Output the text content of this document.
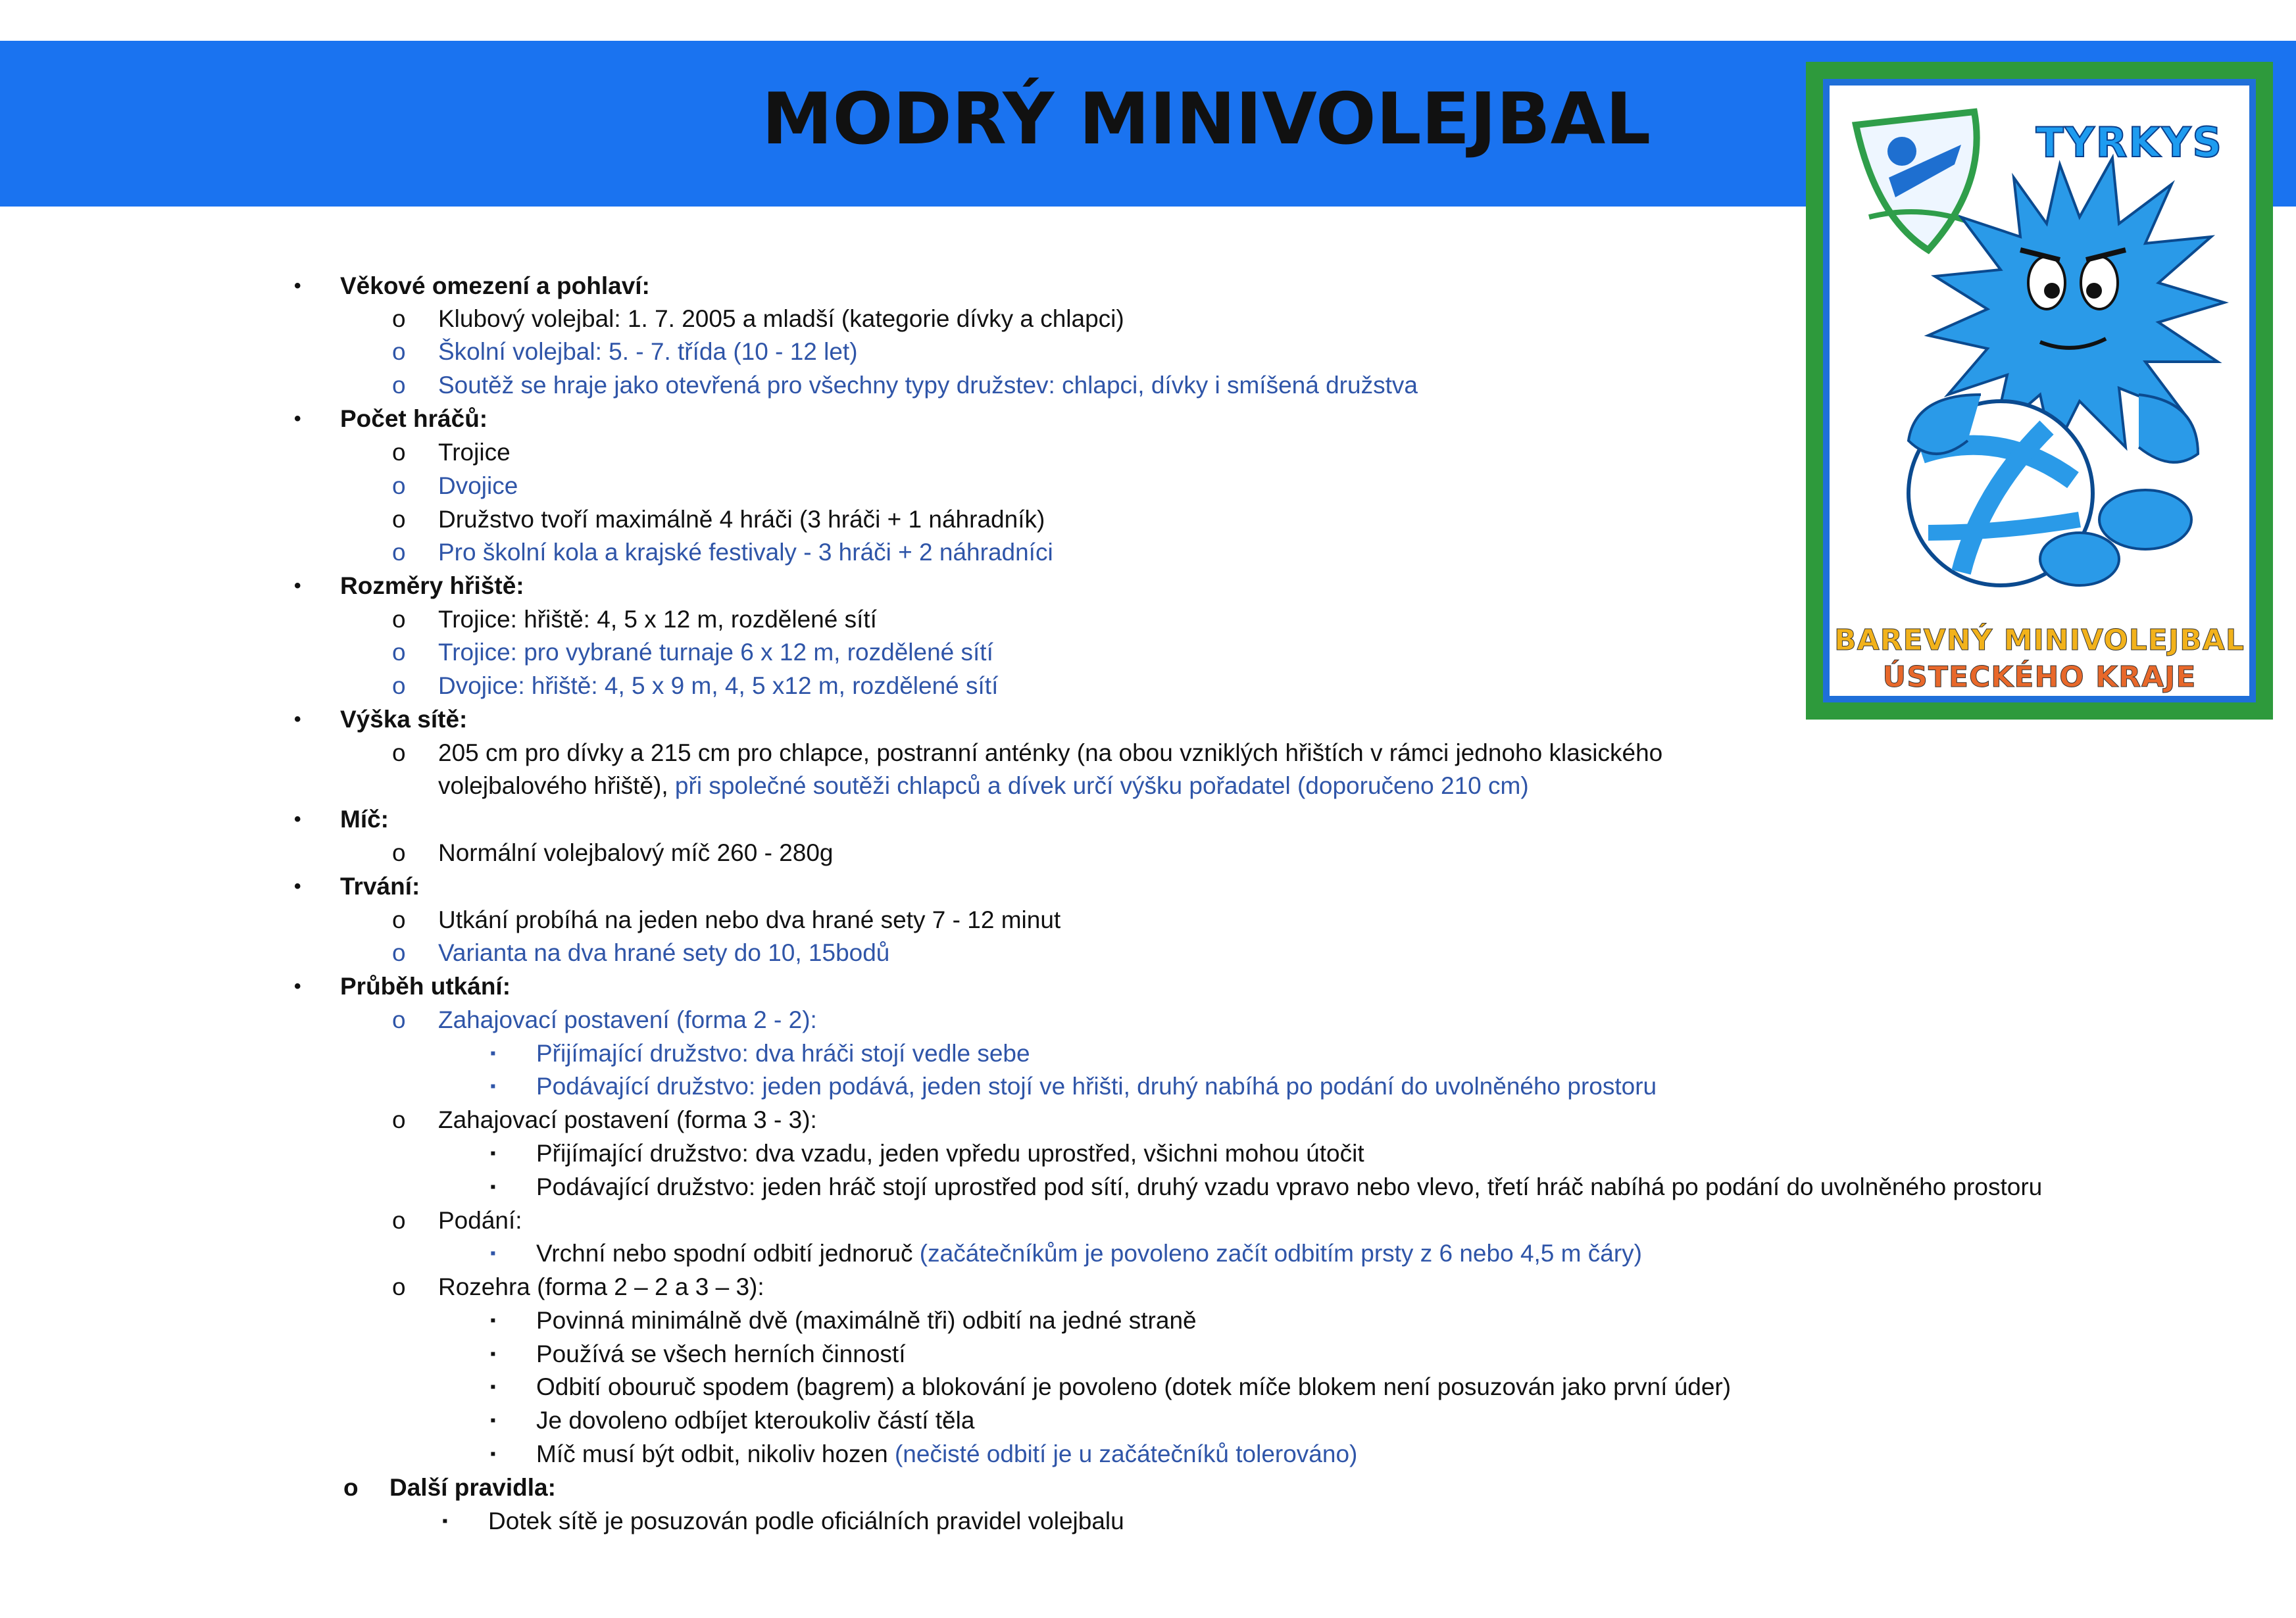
MODRÝ MINIVOLEJBAL	TYRKYS
BAREVNÝ MINIVOLEJBAL
ÚSTECKÉHO KRAJE
• Věkové omezení a pohlaví:
o Klubový volejbal: 1. 7. 2005 a mladší (kategorie dívky a chlapci)
o Školní volejbal: 5. - 7. třída (10 - 12 let)
o Soutěž se hraje jako otevřená pro všechny typy družstev: chlapci, dívky i smíšená družstva
• Počet hráčů:
o Trojice
o Dvojice
o Družstvo tvoří maximálně 4 hráči (3 hráči + 1 náhradník)
o Pro školní kola a krajské festivaly - 3 hráči + 2 náhradníci
• Rozměry hřiště:
o Trojice: hřiště: 4, 5 x 12 m, rozdělené sítí
o Trojice: pro vybrané turnaje 6 x 12 m, rozdělené sítí
o Dvojice: hřiště: 4, 5 x 9 m, 4, 5 x12 m, rozdělené sítí
• Výška sítě:
o 205 cm pro dívky a 215 cm pro chlapce, postranní anténky (na obou vzniklých hřištích v rámci jednoho klasického
volejbalového hřiště), při společné soutěži chlapců a dívek určí výšku pořadatel (doporučeno 210 cm)
• Míč:
o Normální volejbalový míč 260 - 280g
• Trvání:
o Utkání probíhá na jeden nebo dva hrané sety 7 - 12 minut
o Varianta na dva hrané sety do 10, 15bodů
• Průběh utkání:
o Zahajovací postavení (forma 2 - 2):
▪ Přijímající družstvo: dva hráči stojí vedle sebe
▪ Podávající družstvo: jeden podává, jeden stojí ve hřišti, druhý nabíhá po podání do uvolněného prostoru
o Zahajovací postavení (forma 3 - 3):
▪ Přijímající družstvo: dva vzadu, jeden vpředu uprostřed, všichni mohou útočit
▪ Podávající družstvo: jeden hráč stojí uprostřed pod sítí, druhý vzadu vpravo nebo vlevo, třetí hráč nabíhá po podání do uvolněného prostoru
o Podání:
▪ Vrchní nebo spodní odbití jednoruč (začátečníkům je povoleno začít odbitím prsty z 6 nebo 4,5 m čáry)
o Rozehra (forma 2 – 2 a 3 – 3):
▪ Povinná minimálně dvě (maximálně tři) odbití na jedné straně
▪ Používá se všech herních činností
▪ Odbití obouruč spodem (bagrem) a blokování je povoleno (dotek míče blokem není posuzován jako první úder)
▪ Je dovoleno odbíjet kteroukoliv částí těla
▪ Míč musí být odbit, nikoliv hozen (nečisté odbití je u začátečníků tolerováno)
o Další pravidla:
▪ Dotek sítě je posuzován podle oficiálních pravidel volejbalu
